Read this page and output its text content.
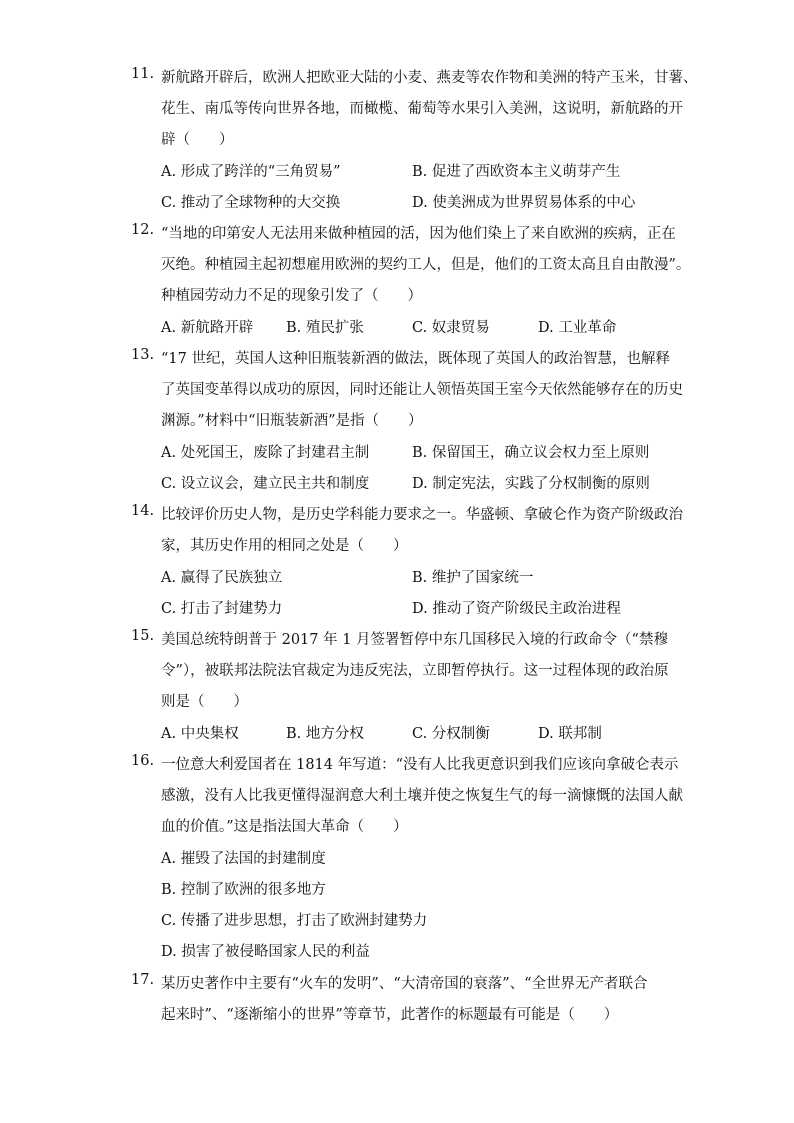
11. 新航路开辟后，欧洲人把欧亚大陆的小麦、燕麦等农作物和美洲的特产玉米，甘薯、
花生、南瓜等传向世界各地，而橄榄、葡萄等水果引入美洲，这说明，新航路的开
辟（　　）
A. 形成了跨洋的“三角贸易”	B. 促进了西欧资本主义萌芽产生
C. 推动了全球物种的大交换	D. 使美洲成为世界贸易体系的中心
12. “当地的印第安人无法用来做种植园的活，因为他们染上了来自欧洲的疾病，正在
灭绝。种植园主起初想雇用欧洲的契约工人，但是，他们的工资太高且自由散漫”。
种植园劳动力不足的现象引发了（　　）
A. 新航路开辟 B. 殖民扩张	C. 奴隶贸易	D. 工业革命
13. “17 世纪，英国人这种旧瓶装新酒的做法，既体现了英国人的政治智慧，也解释
了英国变革得以成功的原因，同时还能让人领悟英国王室今天依然能够存在的历史
渊源。”材料中“旧瓶装新酒”是指（　　）
A. 处死国王，废除了封建君主制	B. 保留国王，确立议会权力至上原则
C. 设立议会，建立民主共和制度	D. 制定宪法，实践了分权制衡的原则
14. 比较评价历史人物，是历史学科能力要求之一。华盛顿、拿破仑作为资产阶级政治
家，其历史作用的相同之处是（　　）
A. 赢得了民族独立	B. 维护了国家统一
C. 打击了封建势力	D. 推动了资产阶级民主政治进程
15. 美国总统特朗普于 2017 年 1 月签署暂停中东几国移民入境的行政命令（“禁穆
令”），被联邦法院法官裁定为违反宪法，立即暂停执行。这一过程体现的政治原
则是（　　）
A. 中央集权	B. 地方分权	C. 分权制衡	D. 联邦制
16. 一位意大利爱国者在 1814 年写道：“没有人比我更意识到我们应该向拿破仑表示
感激，没有人比我更懂得湿润意大利土壤并使之恢复生气的每一滴慷慨的法国人献
血的价值。”这是指法国大革命（　　）
A. 摧毁了法国的封建制度
B. 控制了欧洲的很多地方
C. 传播了进步思想，打击了欧洲封建势力
D. 损害了被侵略国家人民的利益
17. 某历史著作中主要有“火车的发明”、“大清帝国的衰落”、“全世界无产者联合
起来时”、“逐渐缩小的世界”等章节，此著作的标题最有可能是（　　）
